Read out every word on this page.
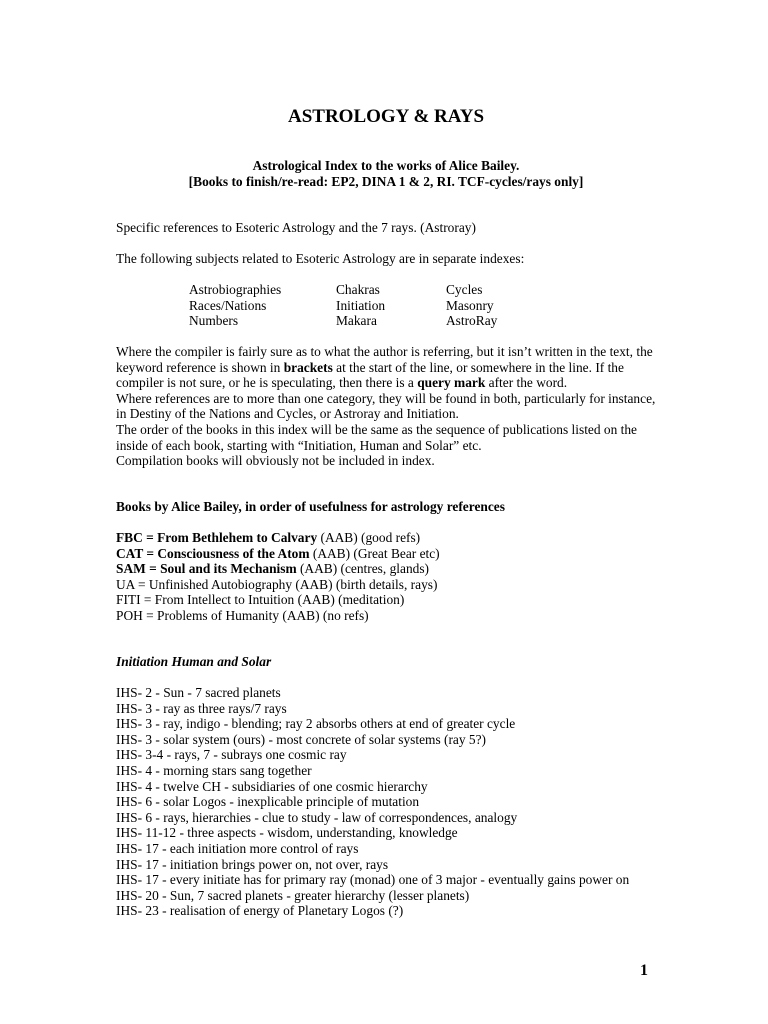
ASTROLOGY & RAYS
Astrological Index to the works of Alice Bailey.
[Books to finish/re-read: EP2, DINA 1 & 2, RI. TCF-cycles/rays only]
Specific references to Esoteric Astrology and the 7 rays. (Astroray)
The following subjects related to Esoteric Astrology are in separate indexes:
Astrobiographies	Chakras	Cycles
Races/Nations	Initiation	Masonry
Numbers	Makara	AstroRay
Where the compiler is fairly sure as to what the author is referring, but it isn’t written in the text, the keyword reference is shown in brackets at the start of the line, or somewhere in the line. If the compiler is not sure, or he is speculating, then there is a query mark after the word.
Where references are to more than one category, they will be found in both, particularly for instance, in Destiny of the Nations and Cycles, or Astroray and Initiation.
The order of the books in this index will be the same as the sequence of publications listed on the inside of each book, starting with “Initiation, Human and Solar” etc.
Compilation books will obviously not be included in index.
Books by Alice Bailey, in order of usefulness for astrology references
FBC = From Bethlehem to Calvary (AAB) (good refs)
CAT = Consciousness of the Atom (AAB) (Great Bear etc)
SAM = Soul and its Mechanism (AAB) (centres, glands)
UA = Unfinished Autobiography (AAB) (birth details, rays)
FITI = From Intellect to Intuition (AAB) (meditation)
POH = Problems of Humanity (AAB) (no refs)
Initiation Human and Solar
IHS- 2 - Sun - 7 sacred planets
IHS- 3 - ray as three rays/7 rays
IHS- 3 - ray, indigo - blending; ray 2 absorbs others at end of greater cycle
IHS- 3 - solar system (ours) - most concrete of solar systems (ray 5?)
IHS- 3-4 - rays, 7 - subrays one cosmic ray
IHS- 4 - morning stars sang together
IHS- 4 - twelve CH - subsidiaries of one cosmic hierarchy
IHS- 6 - solar Logos - inexplicable principle of mutation
IHS- 6 - rays, hierarchies - clue to study - law of correspondences, analogy
IHS- 11-12 - three aspects - wisdom, understanding, knowledge
IHS- 17 - each initiation more control of rays
IHS- 17 - initiation brings power on, not over, rays
IHS- 17 - every initiate has for primary ray (monad) one of 3 major - eventually gains power on
IHS- 20 - Sun, 7 sacred planets - greater hierarchy (lesser planets)
IHS- 23 - realisation of energy of Planetary Logos (?)
1
